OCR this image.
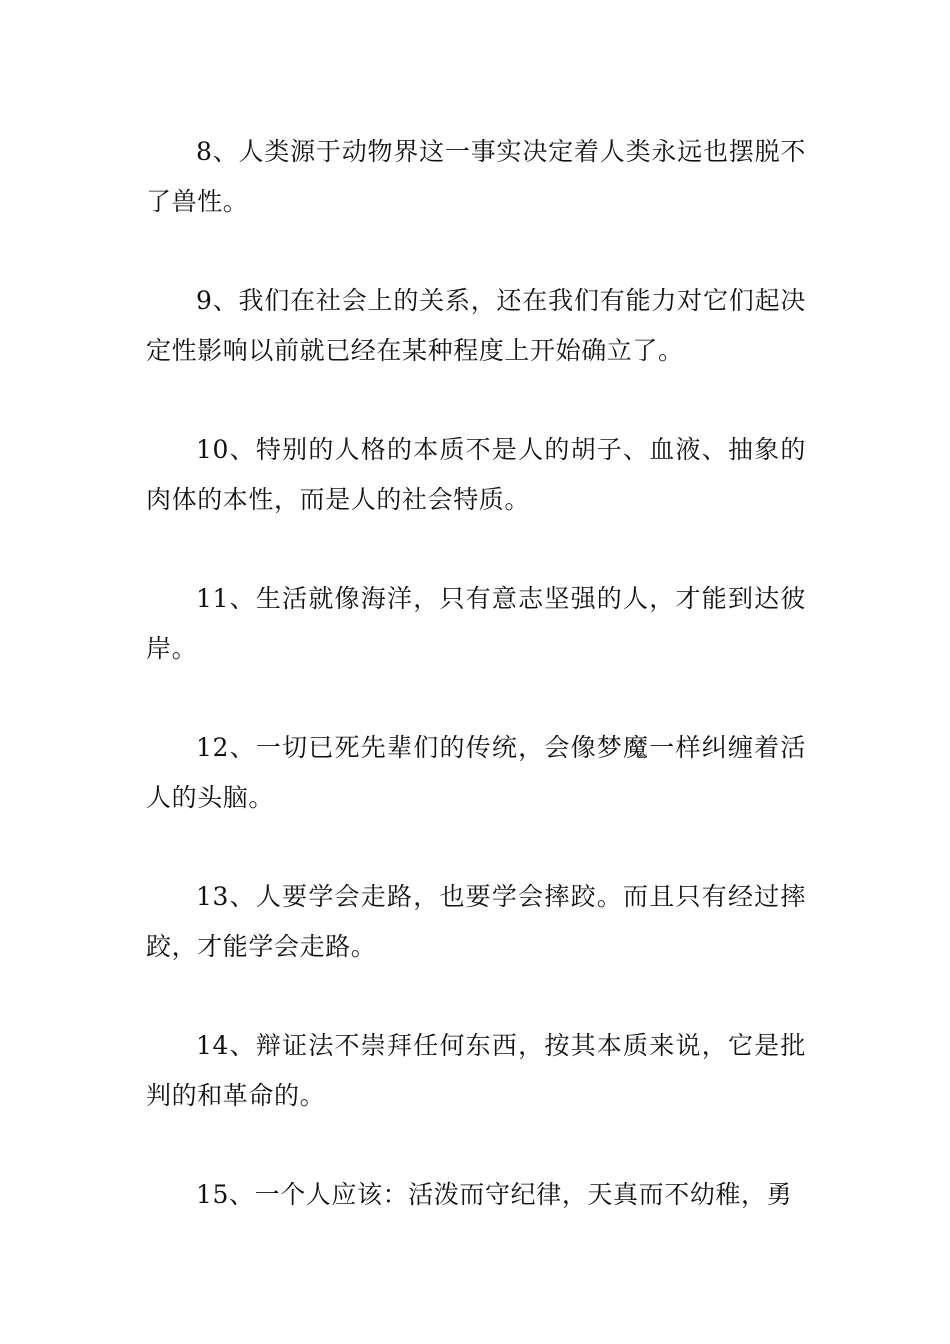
8、人类源于动物界这一事实决定着人类永远也摆脱不了兽性。

9、我们在社会上的关系，还在我们有能力对它们起决定性影响以前就已经在某种程度上开始确立了。

10、特别的人格的本质不是人的胡子、血液、抽象的肉体的本性，而是人的社会特质。

11、生活就像海洋，只有意志坚强的人，才能到达彼岸。

12、一切已死先辈们的传统，会像梦魔一样纠缠着活人的头脑。

13、人要学会走路，也要学会摔跤。而且只有经过摔跤，才能学会走路。

14、辩证法不崇拜任何东西，按其本质来说，它是批判的和革命的。

15、一个人应该：活泼而守纪律，天真而不幼稚，勇
